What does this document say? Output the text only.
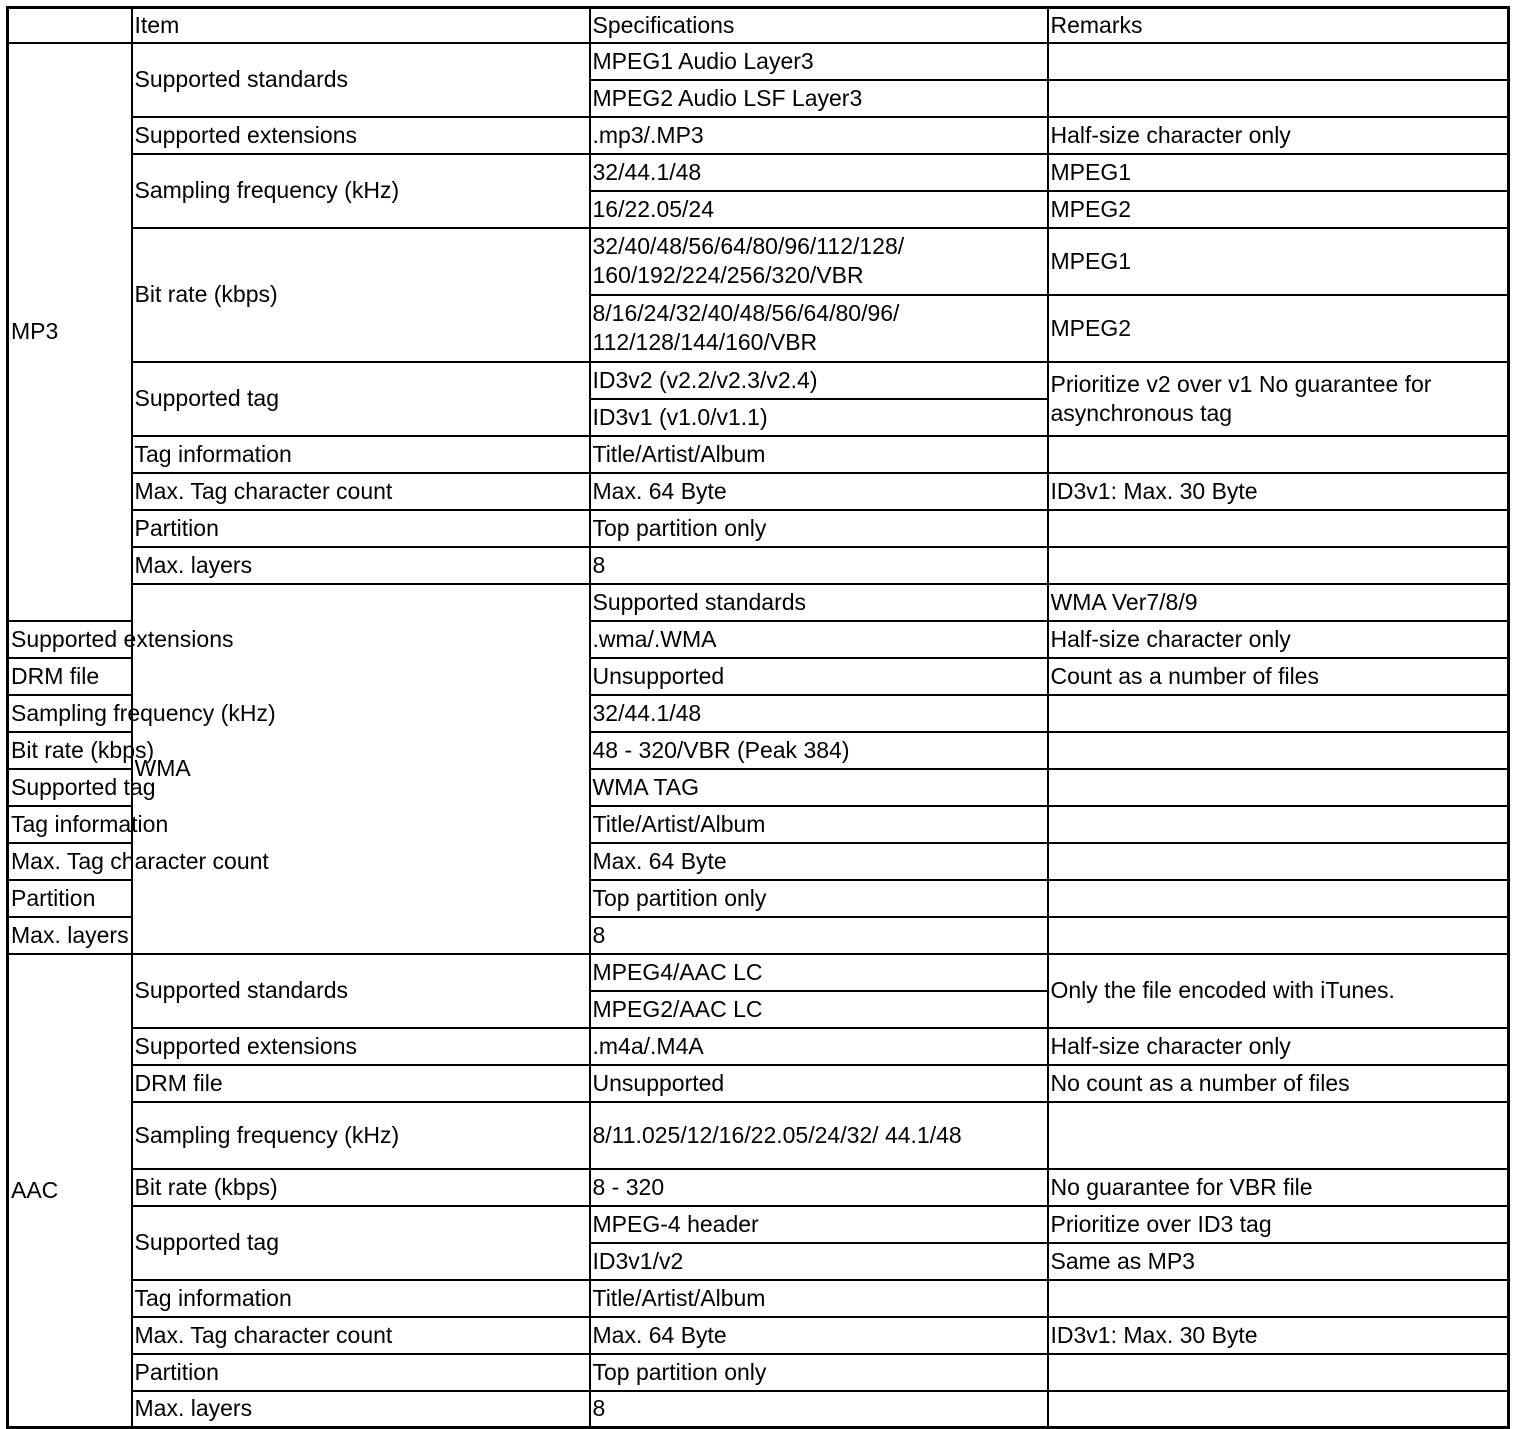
	Item	Specifications	Remarks	
MP3	Supported standards	MPEG1 Audio Layer3		
		MPEG2 Audio LSF Layer3		
	Supported extensions	.mp3/.MP3	Half-size character only	
	Sampling frequency (kHz)	32/44.1/48	MPEG1	
		16/22.05/24	MPEG2	
	Bit rate (kbps)	32/40/48/56/64/80/96/112/128/ 160/192/224/256/320/VBR	MPEG1	
		8/16/24/32/40/48/56/64/80/96/ 112/128/144/160/VBR	MPEG2	
	Supported tag	ID3v2 (v2.2/v2.3/v2.4)	Prioritize v2 over v1 No guarantee for asynchronous tag	
		ID3v1 (v1.0/v1.1)		
	Tag information	Title/Artist/Album		
	Max. Tag character count	Max. 64 Byte	ID3v1: Max. 30 Byte	
	Partition	Top partition only		
	Max. layers	8		
	WMA	Supported standards	WMA Ver7/8/9	
Supported extensions		.wma/.WMA	Half-size character only	
DRM file		Unsupported	Count as a number of files	
Sampling frequency (kHz)		32/44.1/48		
Bit rate (kbps)		48 - 320/VBR (Peak 384)		
Supported tag		WMA TAG		
Tag information		Title/Artist/Album		
Max. Tag character count		Max. 64 Byte		
Partition		Top partition only		
Max. layers		8		
AAC	Supported standards	MPEG4/AAC LC	Only the file encoded with iTunes.	
		MPEG2/AAC LC		
	Supported extensions	.m4a/.M4A	Half-size character only	
	DRM file	Unsupported	No count as a number of files	
	Sampling frequency (kHz)	8/11.025/12/16/22.05/24/32/ 44.1/48		
	Bit rate (kbps)	8 - 320	No guarantee for VBR file	
	Supported tag	MPEG-4 header	Prioritize over ID3 tag	
		ID3v1/v2	Same as MP3	
	Tag information	Title/Artist/Album		
	Max. Tag character count	Max. 64 Byte	ID3v1: Max. 30 Byte	
	Partition	Top partition only		
	Max. layers	8		
